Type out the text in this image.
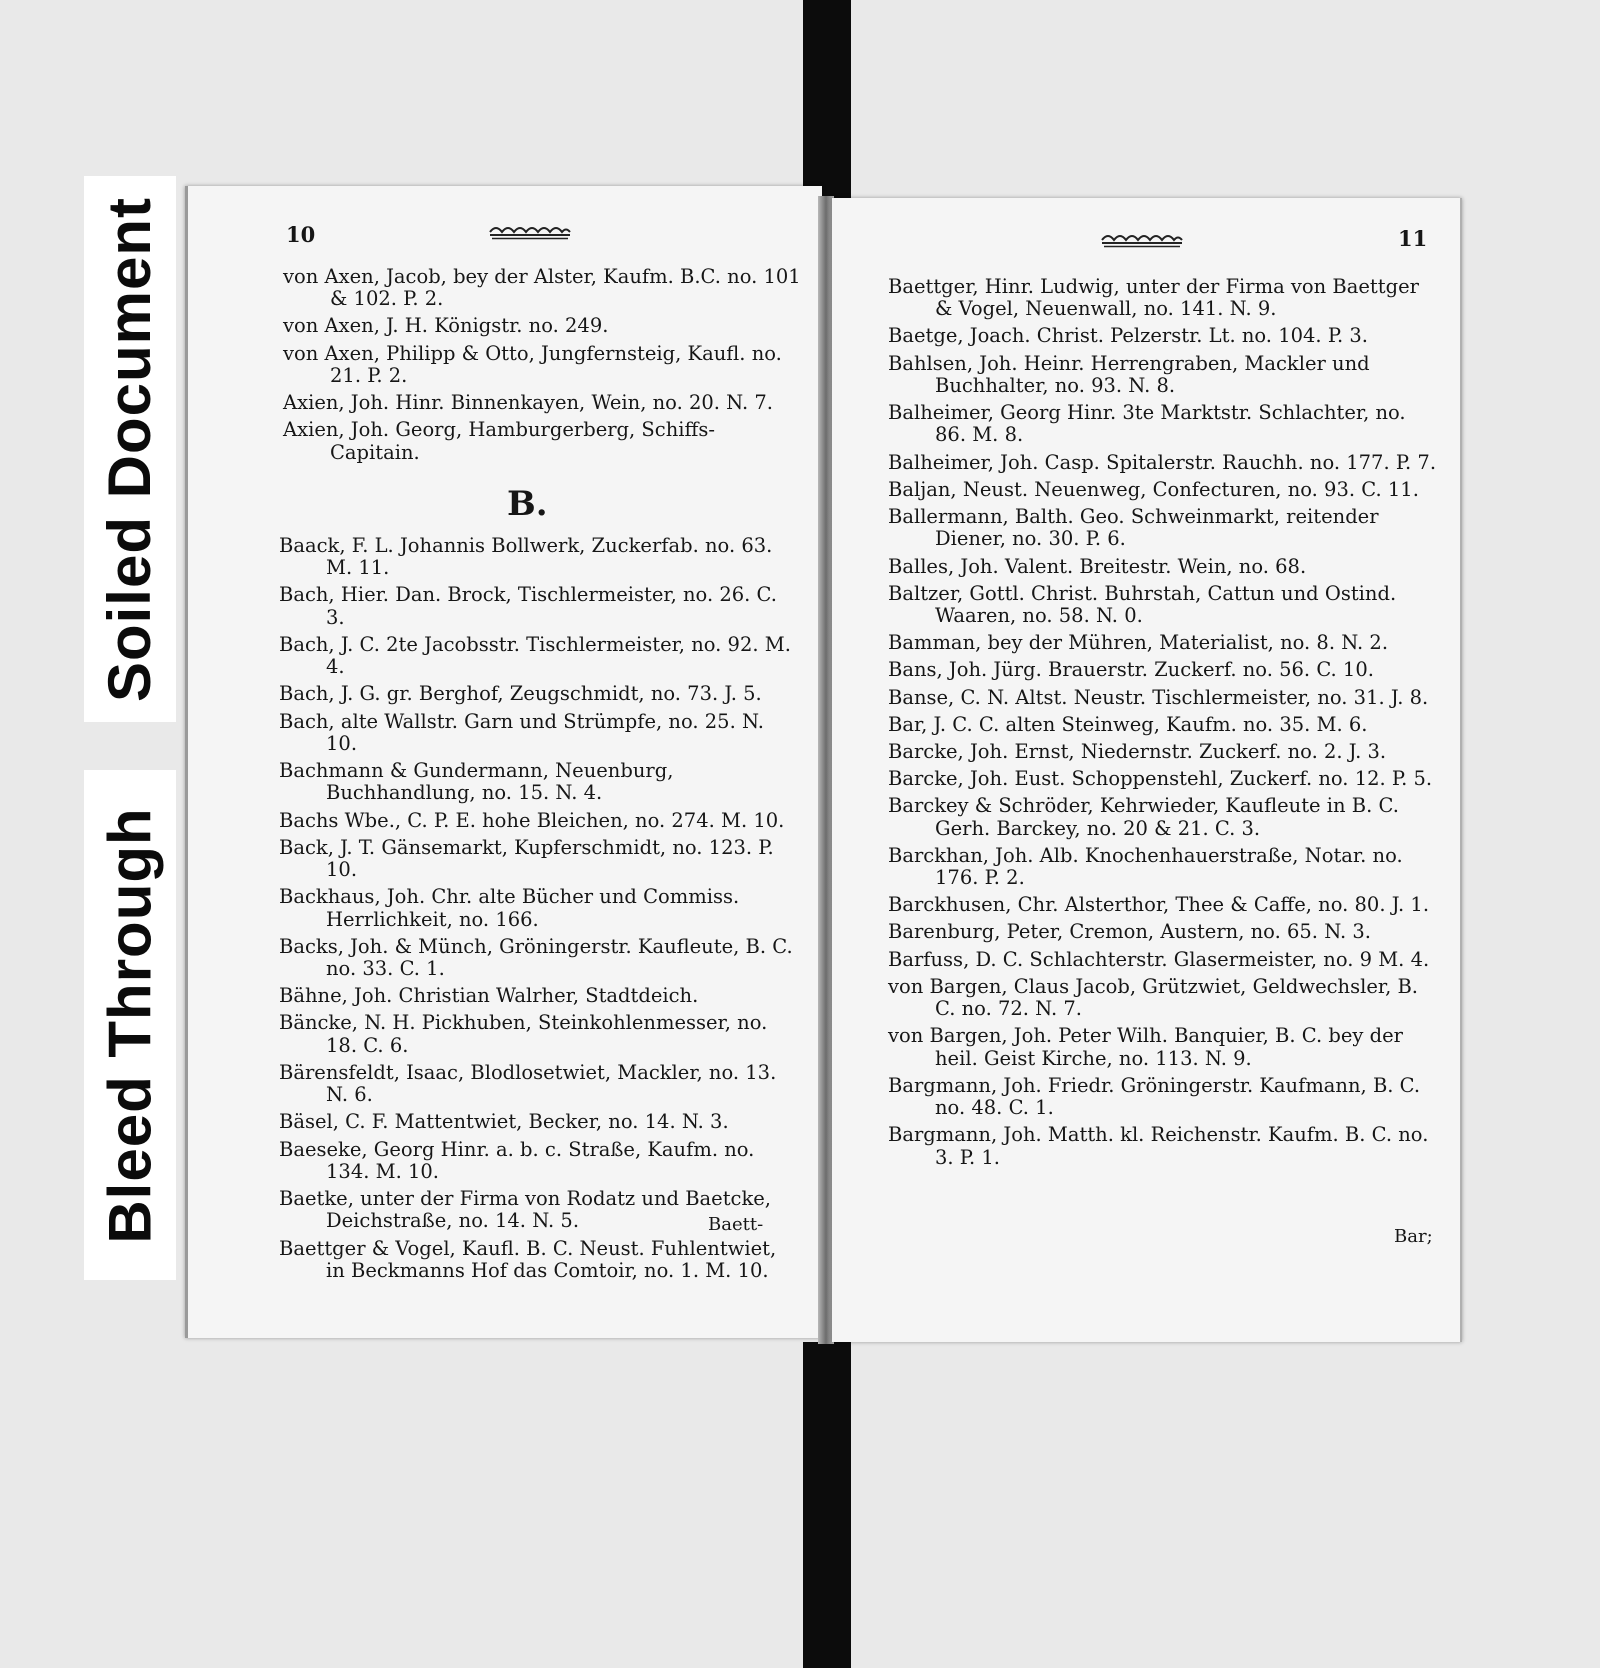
Soiled Document
Bleed Through
10

von Axen, Jacob, bey der Alster, Kaufm. B.C. no. 101 & 102. P. 2.

von Axen, J. H. Königstr. no. 249.

von Axen, Philipp & Otto, Jungfernsteig, Kaufl. no. 21. P. 2.

Axien, Joh. Hinr. Binnenkayen, Wein, no. 20. N. 7.

Axien, Joh. Georg, Hamburgerberg, Schiffs-Capitain.

B.

Baack, F. L. Johannis Bollwerk, Zuckerfab. no. 63. M. 11.

Bach, Hier. Dan. Brock, Tischlermeister, no. 26. C. 3.

Bach, J. C. 2te Jacobsstr. Tischlermeister, no. 92. M. 4.

Bach, J. G. gr. Berghof, Zeugschmidt, no. 73. J. 5.

Bach, alte Wallstr. Garn und Strümpfe, no. 25. N. 10.

Bachmann & Gundermann, Neuenburg, Buchhandlung, no. 15. N. 4.

Bachs Wbe., C. P. E. hohe Bleichen, no. 274. M. 10.

Back, J. T. Gänsemarkt, Kupferschmidt, no. 123. P. 10.

Backhaus, Joh. Chr. alte Bücher und Commiss. Herrlichkeit, no. 166.

Backs, Joh. & Münch, Gröningerstr. Kaufleute, B. C. no. 33. C. 1.

Bähne, Joh. Christian Walrher, Stadtdeich.

Bäncke, N. H. Pickhuben, Steinkohlenmesser, no. 18. C. 6.

Bärensfeldt, Isaac, Blodlosetwiet, Mackler, no. 13. N. 6.

Bäsel, C. F. Mattentwiet, Becker, no. 14. N. 3.

Baeseke, Georg Hinr. a. b. c. Straße, Kaufm. no. 134. M. 10.

Baetke, unter der Firma von Rodatz und Baetcke, Deichstraße, no. 14. N. 5.

Baettger & Vogel, Kaufl. B. C. Neust. Fuhlentwiet, in Beckmanns Hof das Comtoir, no. 1. M. 10.

Baett-
11

Baettger, Hinr. Ludwig, unter der Firma von Baettger & Vogel, Neuenwall, no. 141. N. 9.

Baetge, Joach. Christ. Pelzerstr. Lt. no. 104. P. 3.

Bahlsen, Joh. Heinr. Herrengraben, Mackler und Buchhalter, no. 93. N. 8.

Balheimer, Georg Hinr. 3te Marktstr. Schlachter, no. 86. M. 8.

Balheimer, Joh. Casp. Spitalerstr. Rauchh. no. 177. P. 7.

Baljan, Neust. Neuenweg, Confecturen, no. 93. C. 11.

Ballermann, Balth. Geo. Schweinmarkt, reitender Diener, no. 30. P. 6.

Balles, Joh. Valent. Breitestr. Wein, no. 68.

Baltzer, Gottl. Christ. Buhrstah, Cattun und Ostind. Waaren, no. 58. N. 0.

Bamman, bey der Mühren, Materialist, no. 8. N. 2.

Bans, Joh. Jürg. Brauerstr. Zuckerf. no. 56. C. 10.

Banse, C. N. Altst. Neustr. Tischlermeister, no. 31. J. 8.

Bar, J. C. C. alten Steinweg, Kaufm. no. 35. M. 6.

Barcke, Joh. Ernst, Niedernstr. Zuckerf. no. 2. J. 3.

Barcke, Joh. Eust. Schoppenstehl, Zuckerf. no. 12. P. 5.

Barckey & Schröder, Kehrwieder, Kaufleute in B. C. Gerh. Barckey, no. 20 & 21. C. 3.

Barckhan, Joh. Alb. Knochenhauerstraße, Notar. no. 176. P. 2.

Barckhusen, Chr. Alsterthor, Thee & Caffe, no. 80. J. 1.

Barenburg, Peter, Cremon, Austern, no. 65. N. 3.

Barfuss, D. C. Schlachterstr. Glasermeister, no. 9 M. 4.

von Bargen, Claus Jacob, Grützwiet, Geldwechsler, B. C. no. 72. N. 7.

von Bargen, Joh. Peter Wilh. Banquier, B. C. bey der heil. Geist Kirche, no. 113. N. 9.

Bargmann, Joh. Friedr. Gröningerstr. Kaufmann, B. C. no. 48. C. 1.

Bargmann, Joh. Matth. kl. Reichenstr. Kaufm. B. C. no. 3. P. 1.

Bar;
